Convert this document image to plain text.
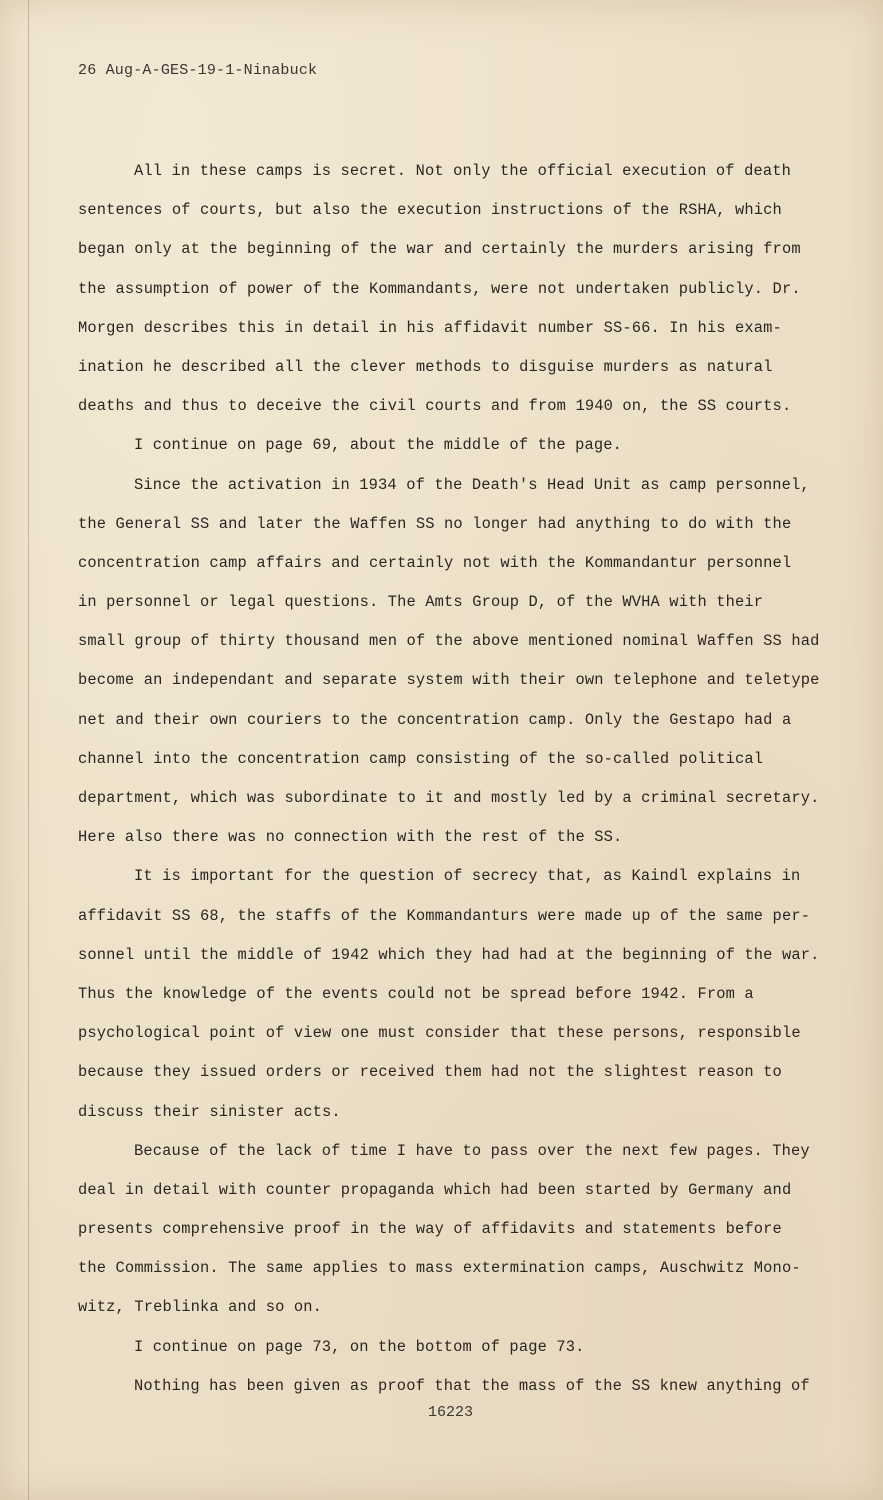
26 Aug-A-GES-19-1-Ninabuck
All in these camps is secret. Not only the official execution of death
sentences of courts, but also the execution instructions of the RSHA, which
began only at the beginning of the war and certainly the murders arising from
the assumption of power of the Kommandants, were not undertaken publicly. Dr.
Morgen describes this in detail in his affidavit number SS-66. In his exam-
ination he described all the clever methods to disguise murders as natural
deaths and thus to deceive the civil courts and from 1940 on, the SS courts.
I continue on page 69, about the middle of the page.
Since the activation in 1934 of the Death's Head Unit as camp personnel,
the General SS and later the Waffen SS no longer had anything to do with the
concentration camp affairs and certainly not with the Kommandantur personnel
in personnel or legal questions. The Amts Group D, of the WVHA with their
small group of thirty thousand men of the above mentioned nominal Waffen SS had
become an independant and separate system with their own telephone and teletype
net and their own couriers to the concentration camp. Only the Gestapo had a
channel into the concentration camp consisting of the so-called political
department, which was subordinate to it and mostly led by a criminal secretary.
Here also there was no connection with the rest of the SS.
It is important for the question of secrecy that, as Kaindl explains in
affidavit SS 68, the staffs of the Kommandanturs were made up of the same per-
sonnel until the middle of 1942 which they had had at the beginning of the war.
Thus the knowledge of the events could not be spread before 1942. From a
psychological point of view one must consider that these persons, responsible
because they issued orders or received them had not the slightest reason to
discuss their sinister acts.
Because of the lack of time I have to pass over the next few pages. They
deal in detail with counter propaganda which had been started by Germany and
presents comprehensive proof in the way of affidavits and statements before
the Commission. The same applies to mass extermination camps, Auschwitz Mono-
witz, Treblinka and so on.
I continue on page 73, on the bottom of page 73.
Nothing has been given as proof that the mass of the SS knew anything of
16223
